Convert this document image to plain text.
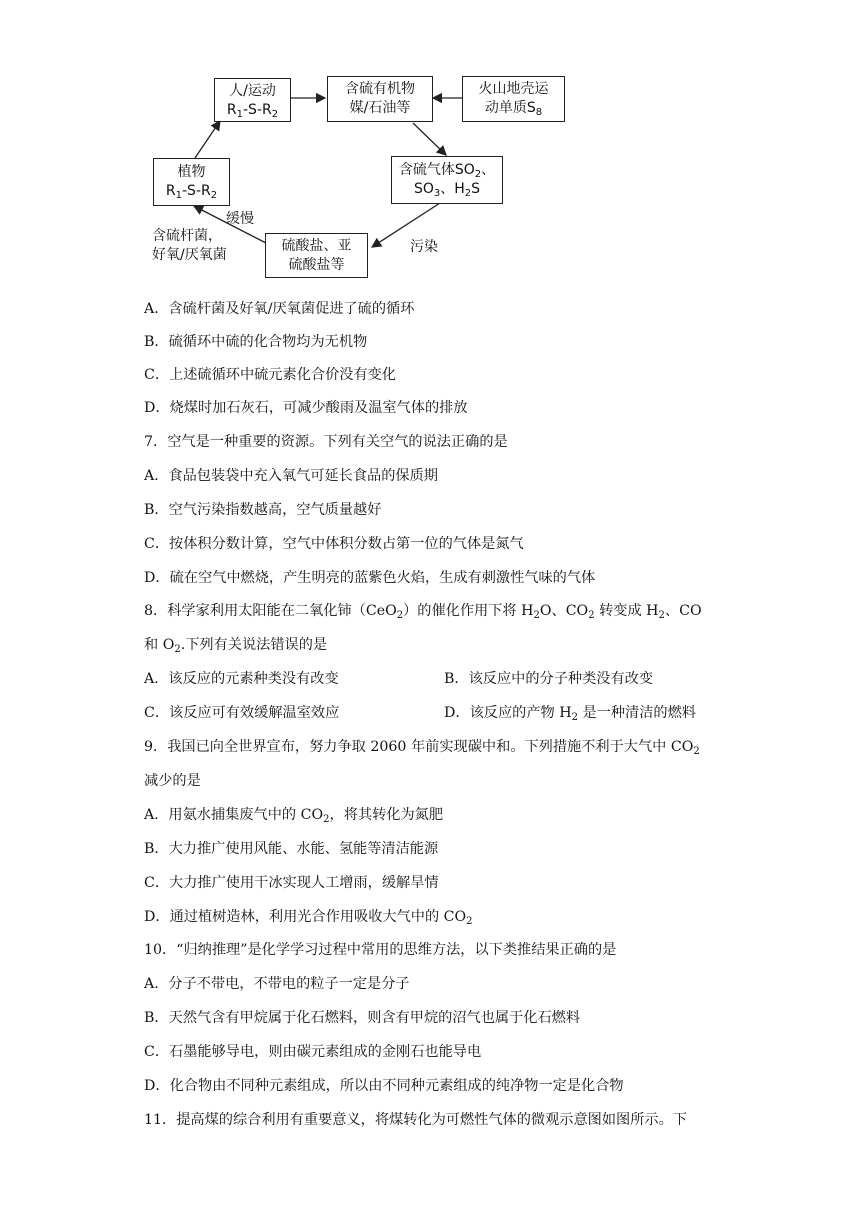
人/运动
$R_1-S-R_2$
含硫有机物
媒/石油等
火山地壳运
动单质$S_8$
植物
$R_1-S-R_2$
含硫气体$SO_2$、
$SO_3$、$H_2S$
硫酸盐、亚
硫酸盐等
缓慢
含硫杆菌，
好氧/厌氧菌	污染
A．含硫杆菌及好氧/厌氧菌促进了硫的循环
B．硫循环中硫的化合物均为无机物
C．上述硫循环中硫元素化合价没有变化
D．烧煤时加石灰石，可减少酸雨及温室气体的排放
7．空气是一种重要的资源。下列有关空气的说法正确的是
A．食品包装袋中充入氧气可延长食品的保质期
B．空气污染指数越高，空气质量越好
C．按体积分数计算，空气中体积分数占第一位的气体是氮气
D．硫在空气中燃烧，产生明亮的蓝紫色火焰，生成有刺激性气味的气体
8．科学家利用太阳能在二氧化铈（CeO$_2$）的催化作用下将 $H_2O$、$CO_2$ 转变成 $H_2$、CO
和 $O_2$.下列有关说法错误的是
A．该反应的元素种类没有改变	B．该反应中的分子种类没有改变
C．该反应可有效缓解温室效应	D．该反应的产物 $H_2$ 是一种清洁的燃料
9．我国已向全世界宣布，努力争取 2060 年前实现碳中和。下列措施不利于大气中 $CO_2$
减少的是
A．用氨水捕集废气中的 $CO_2$，将其转化为氮肥
B．大力推广使用风能、水能、氢能等清洁能源
C．大力推广使用干冰实现人工增雨，缓解旱情
D．通过植树造林，利用光合作用吸收大气中的 $CO_2$
10．“归纳推理”是化学学习过程中常用的思维方法，以下类推结果正确的是
A．分子不带电，不带电的粒子一定是分子
B．天然气含有甲烷属于化石燃料，则含有甲烷的沼气也属于化石燃料
C．石墨能够导电，则由碳元素组成的金刚石也能导电
D．化合物由不同种元素组成，所以由不同种元素组成的纯净物一定是化合物
11．提高煤的综合利用有重要意义，将煤转化为可燃性气体的微观示意图如图所示。下
